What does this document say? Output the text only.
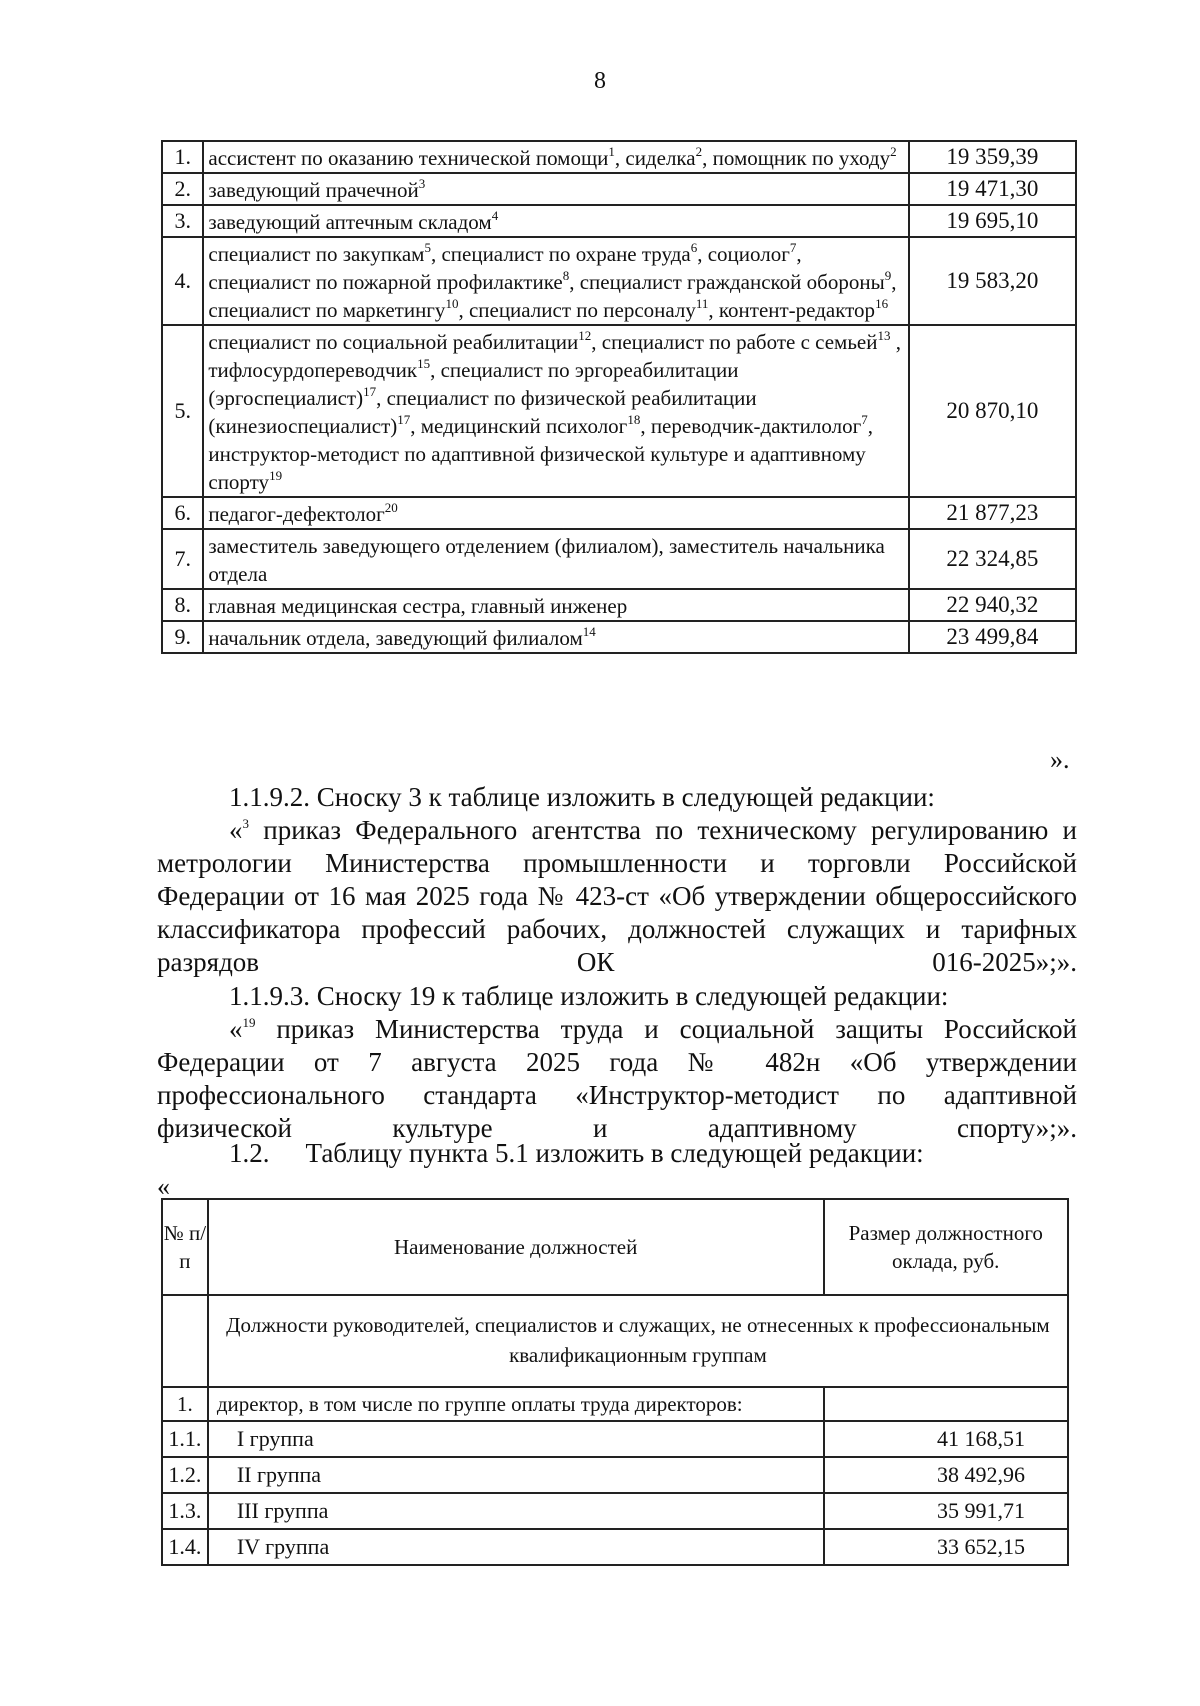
8
1.	ассистент по оказанию технической помощи$^1$, сиделка$^2$, помощник по уходу$^2$	19 359,39
2.	заведующий прачечной$^3$	19 471,30
3.	заведующий аптечным складом$^4$	19 695,10
4.	специалист по закупкам$^5$, специалист по охране труда$^6$, социолог$^7$, специалист по пожарной профилактике$^8$, специалист гражданской обороны$^9$, специалист по маркетингу$^{10}$, специалист по персоналу$^{11}$, контент-редактор$^{16}$	19 583,20
5.	специалист по социальной реабилитации$^{12}$, специалист по работе с семьей$^{13}$ , тифлосурдопереводчик$^{15}$, специалист по эргореабилитации (эргоспециалист)$^{17}$, специалист по физической реабилитации (кинезиоспециалист)$^{17}$, медицинский психолог$^{18}$, переводчик-дактилолог$^7$, инструктор-методист по адаптивной физической культуре и адаптивному спорту$^{19}$	20 870,10
6.	педагог-дефектолог$^{20}$	21 877,23
7.	заместитель заведующего отделением (филиалом), заместитель начальника отдела	22 324,85
8.	главная медицинская сестра, главный инженер	22 940,32
9.	начальник отдела, заведующий филиалом$^{14}$	23 499,84
».

1.1.9.2. Сноску 3 к таблице изложить в следующей редакции:

«$^3$ приказ Федерального агентства по техническому регулированию и метрологии Министерства промышленности и торговли Российской Федерации от 16 мая 2025 года № 423-ст «Об утверждении общероссийского классификатора профессий рабочих, должностей служащих и тарифных разрядов ОК 016-2025»;».

1.1.9.3. Сноску 19 к таблице изложить в следующей редакции:

«$^{19}$ приказ Министерства труда и социальной защиты Российской Федерации от 7 августа 2025 года № 482н «Об утверждении профессионального стандарта «Инструктор-методист по адаптивной физической культуре и адаптивному спорту»;».

1.2. Таблицу пункта 5.1 изложить в следующей редакции:

«
№ п/п	Наименование должностей	Размер должностного оклада, руб.
	Должности руководителей, специалистов и служащих, не отнесенных к профессиональным квалификационным группам	
1.	директор, в том числе по группе оплаты труда директоров:	
1.1.	I группа	41 168,51
1.2.	II группа	38 492,96
1.3.	III группа	35 991,71
1.4.	IV группа	33 652,15
